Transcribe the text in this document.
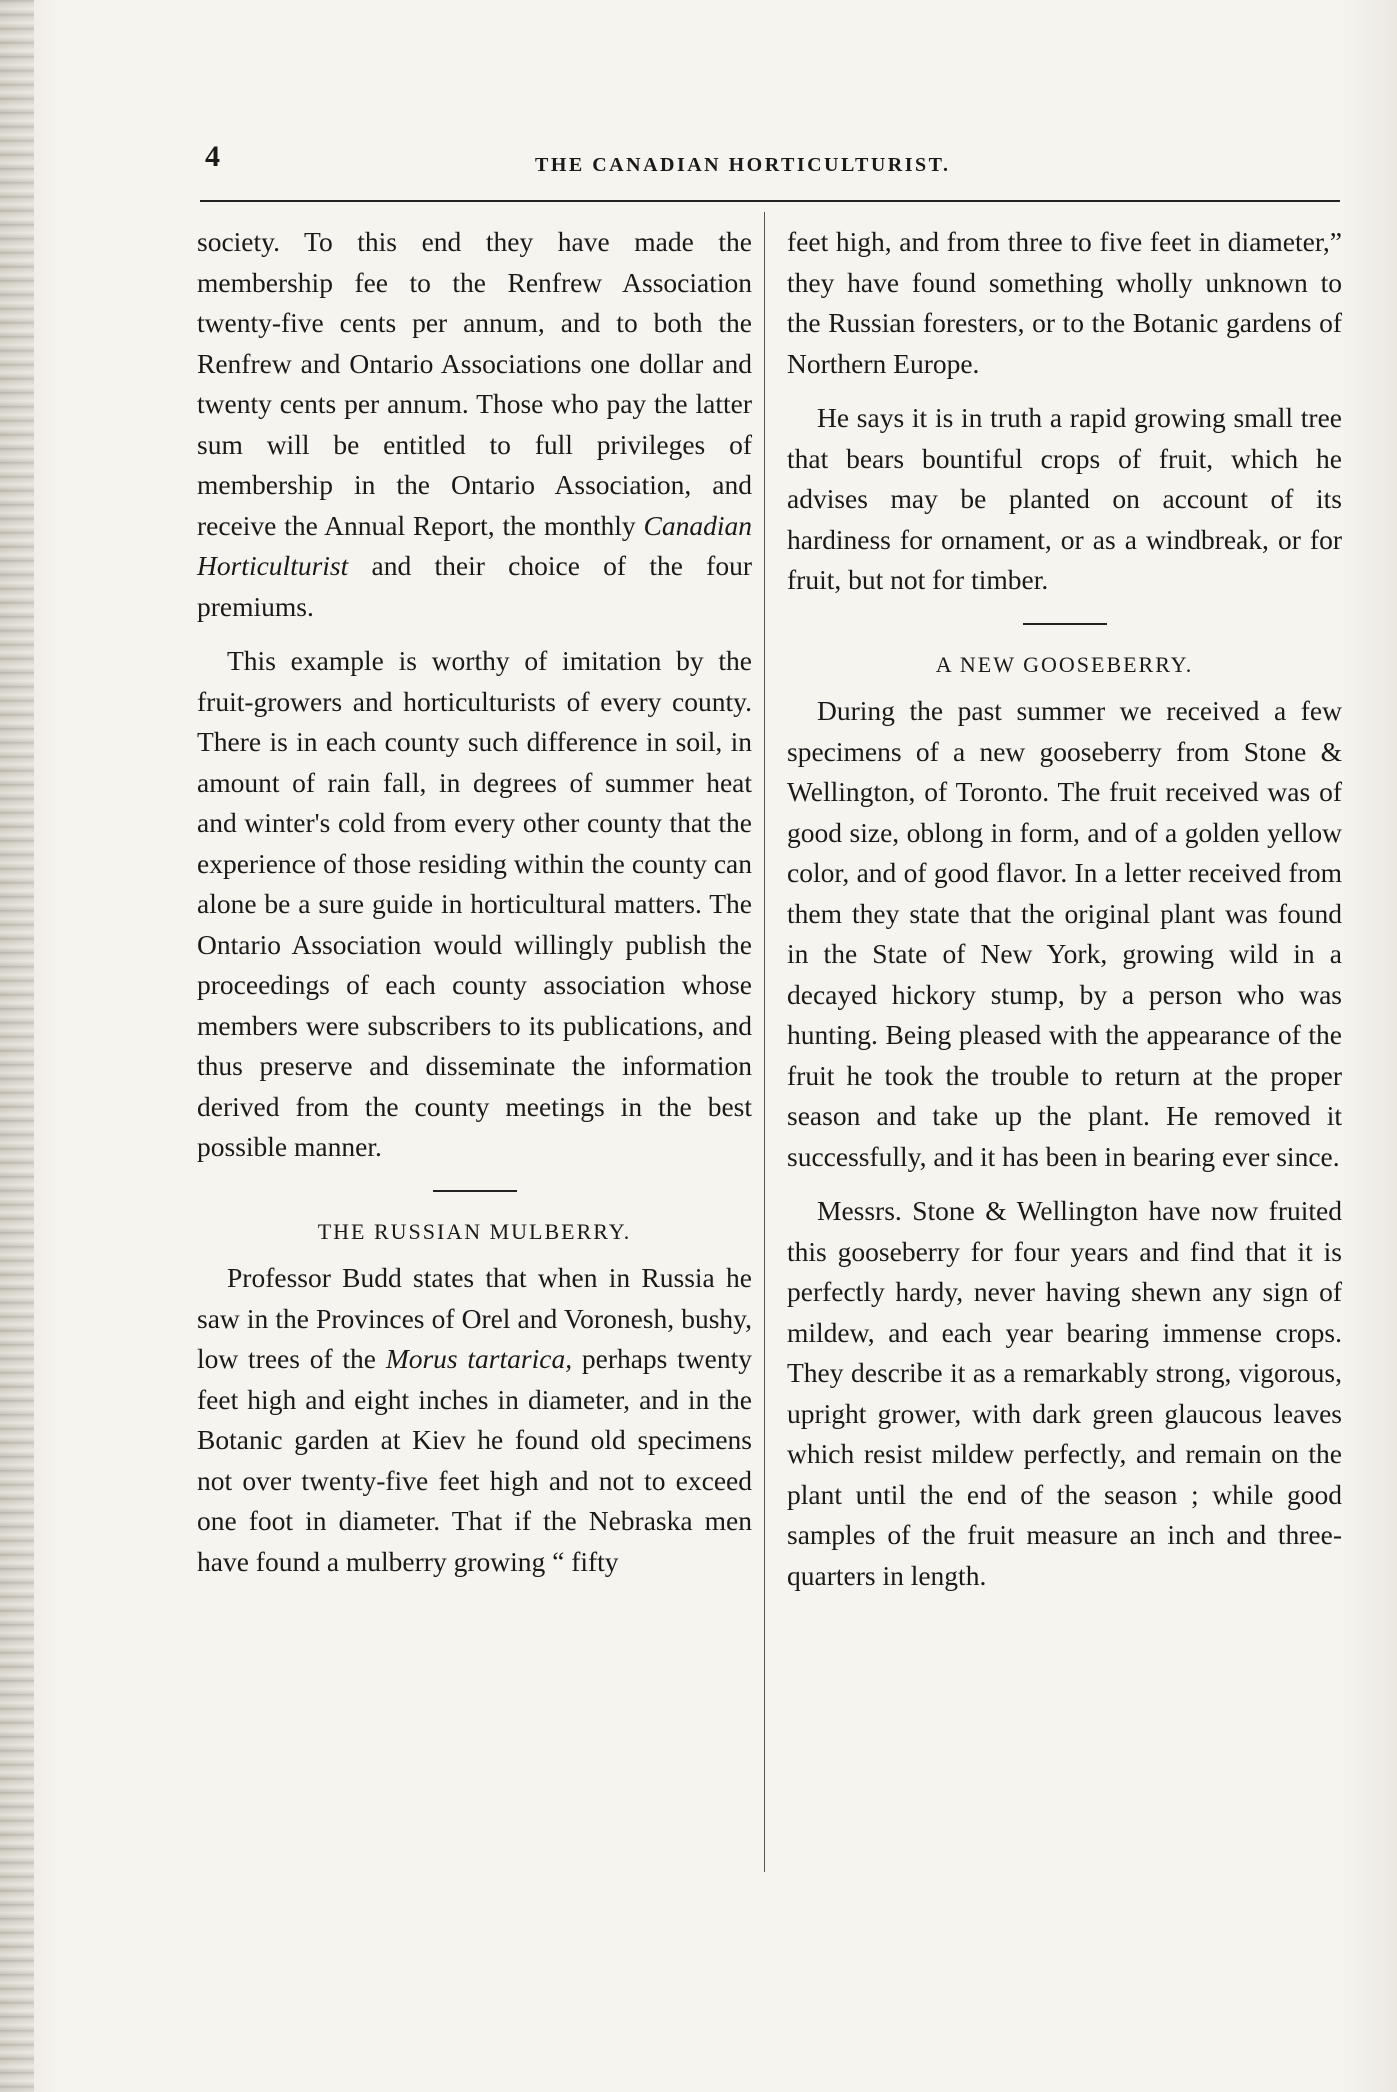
4	THE CANADIAN HORTICULTURIST.

society. To this end they have made the membership fee to the Renfrew Association twenty-five cents per annum, and to both the Renfrew and Ontario Associations one dollar and twenty cents per annum. Those who pay the latter sum will be entitled to full privileges of membership in the Ontario Association, and receive the Annual Report, the monthly Canadian Horticulturist and their choice of the four premiums.

This example is worthy of imitation by the fruit-growers and horticulturists of every county. There is in each county such difference in soil, in amount of rain fall, in degrees of summer heat and winter's cold from every other county that the experience of those residing within the county can alone be a sure guide in horticultural matters. The Ontario Association would willingly publish the proceedings of each county association whose members were subscribers to its publications, and thus preserve and disseminate the information derived from the county meetings in the best possible manner.

THE RUSSIAN MULBERRY.

Professor Budd states that when in Russia he saw in the Provinces of Orel and Voronesh, bushy, low trees of the Morus tartarica, perhaps twenty feet high and eight inches in diameter, and in the Botanic garden at Kiev he found old specimens not over twenty-five feet high and not to exceed one foot in diameter. That if the Nebraska men have found a mulberry growing “ fifty

feet high, and from three to five feet in diameter,” they have found something wholly unknown to the Russian foresters, or to the Botanic gardens of Northern Europe.

He says it is in truth a rapid growing small tree that bears bountiful crops of fruit, which he advises may be planted on account of its hardiness for ornament, or as a windbreak, or for fruit, but not for timber.

A NEW GOOSEBERRY.

During the past summer we received a few specimens of a new gooseberry from Stone & Wellington, of Toronto. The fruit received was of good size, oblong in form, and of a golden yellow color, and of good flavor. In a letter received from them they state that the original plant was found in the State of New York, growing wild in a decayed hickory stump, by a person who was hunting. Being pleased with the appearance of the fruit he took the trouble to return at the proper season and take up the plant. He removed it successfully, and it has been in bearing ever since.

Messrs. Stone & Wellington have now fruited this gooseberry for four years and find that it is perfectly hardy, never having shewn any sign of mildew, and each year bearing immense crops. They describe it as a remarkably strong, vigorous, upright grower, with dark green glaucous leaves which resist mildew perfectly, and remain on the plant until the end of the season ; while good samples of the fruit measure an inch and three-quarters in length.
